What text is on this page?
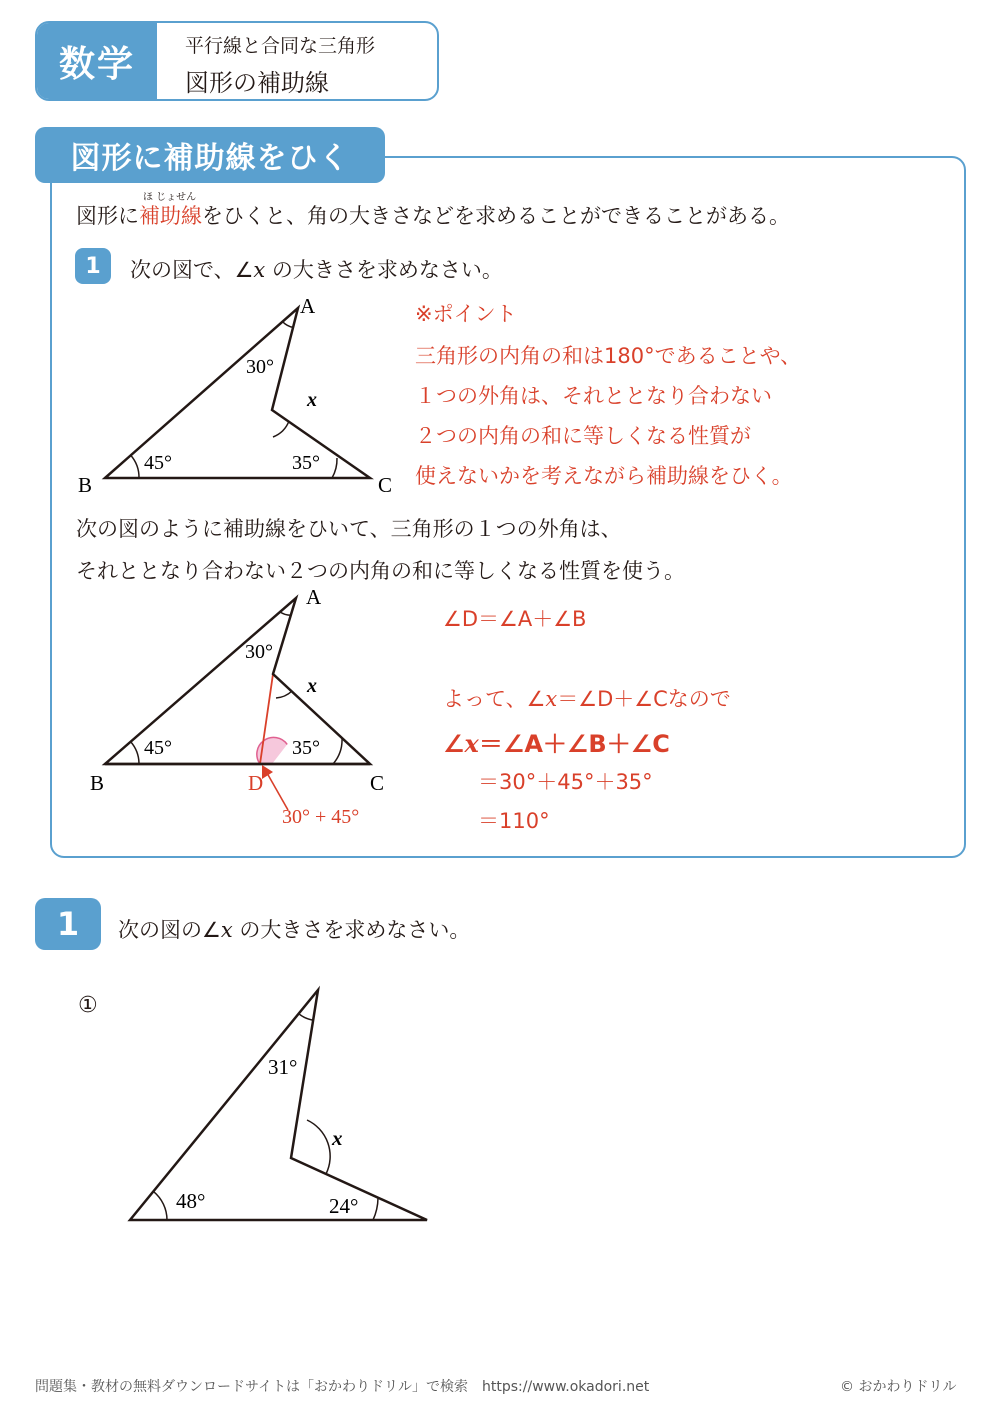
数学	平行線と合同な三角形
図形の補助線
図形に補助線をひく
図形に
ほ じょせん
補助線をひくと、角の大きさなどを求めることができることがある。
1	次の図で、∠x の大きさを求めなさい。
A
B	C
30°
45°	35°
x
※ポイント
三角形の内角の和は180°であることや、
１つの外角は、それととなり合わない
２つの内角の和に等しくなる性質が
使えないかを考えながら補助線をひく。
次の図のように補助線をひいて、三角形の１つの外角は、
それととなり合わない２つの内角の和に等しくなる性質を使う。
A
B	C
D
30°
45°	35°
x
30° + 45°
∠D＝∠A＋∠B
よって、∠x＝∠D＋∠Cなので
∠x＝∠A＋∠B＋∠C
＝30°＋45°＋35°
＝110°
1	次の図の∠x の大きさを求めなさい。
①
31°
48°	24°
x
問題集・教材の無料ダウンロードサイトは「おかわりドリル」で検索　https://www.okadori.net	© おかわりドリル
